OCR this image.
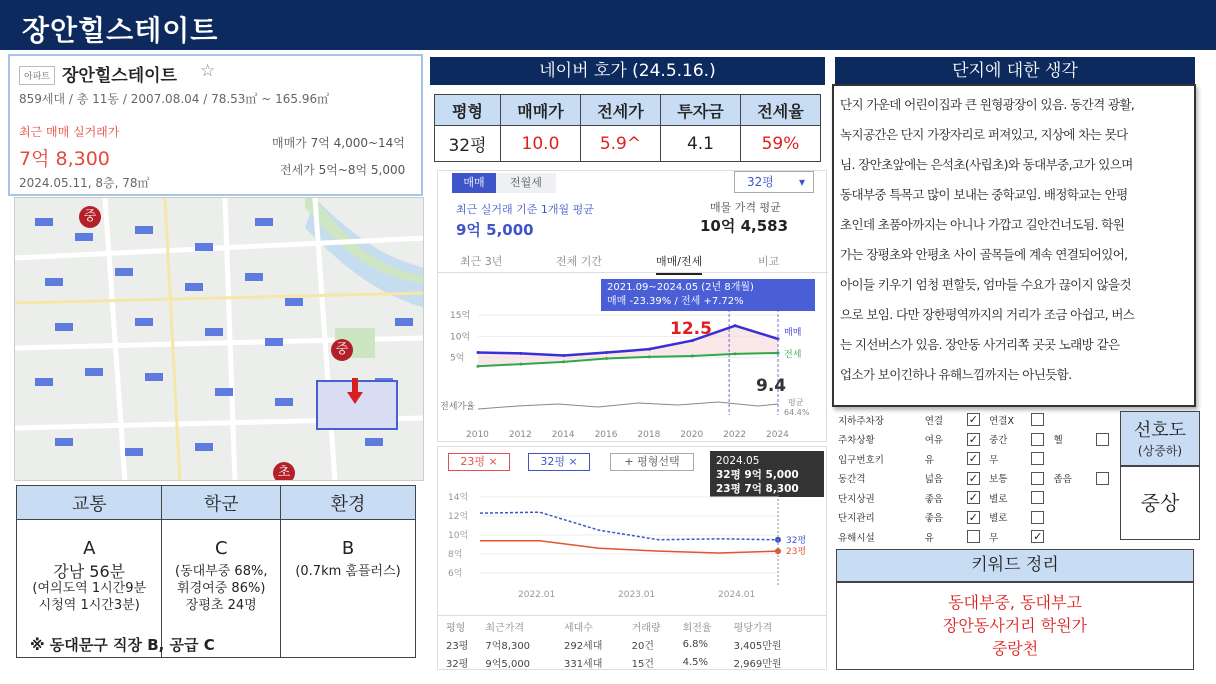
장안힐스테이트
아파트 장안힐스테이트 ☆
859세대 / 총 11동 / 2007.08.04 / 78.53㎡ ~ 165.96㎡
최근 매매 실거래가
7억 8,300
2024.05.11, 8층, 78㎡
매매가 7억 4,000~14억
전세가 5억~8억 5,000
중
중
초
교통	학군	환경

A
강남 56분
(여의도역 1시간9분
시청역 1시간3분)	C
(동대부중 68%,
휘경여중 86%)
장평초 24명	B
(0.7km 홈플러스)
※ 동대문구 직장 B, 공급 C
네이버 호가 (24.5.16.)
평형	매매가	전세가	투자금	전세율
32평	10.0	5.9^	4.1	59%
매매	전월세	32평 ▾
최근 실거래 기준 1개월 평균
9억 5,000
매물 가격 평균
10억 4,583
최근 3년	전체 기간	매매/전세	비교
15억
10억
5억
매매
전세
전세가율	평균
64.4%
2010 2012 2014 2016 2018 2020 2022 2024
2021.09~2024.05 (2년 8개월)
매매 -23.39% / 전세 +7.72%
12.5
9.4
23평 ×	32평 ×	+ 평형선택	2024.05
32평 9억 5,000
23평 7억 8,300
14억
12억
10억
8억
6억
32평
23평
2022.01	2023.01	2024.01
평형	최근가격	세대수	거래량	회전율	평당가격
23평	7억8,300	292세대	20건	6.8%	3,405만원
32평	9억5,000	331세대	15건	4.5%	2,969만원
단지에 대한 생각
단지 가운데 어린이집과 큰 원형광장이 있음. 동간격 광활,
녹지공간은 단지 가장자리로 퍼져있고, 지상에 차는 못다
님. 장안초앞에는 은석초(사립초)와 동대부중,고가 있으며
동대부중 특목고 많이 보내는 중학교임. 배정학교는 안평
초인데 초품아까지는 아니나 가깝고 길안건너도됨. 학원
가는 장평초와 안평초 사이 골목들에 계속 연결되어있어,
아이들 키우기 엄청 편할듯, 엄마들 수요가 끊이지 않을것
으로 보임. 다만 장한평역까지의 거리가 조금 아쉽고, 버스
는 지선버스가 있음. 장안동 사거리쪽 곳곳 노래방 같은
업소가 보이긴하나 유해느낌까지는 아닌듯함.
지하주차장	연결	✓	연결X			
주차상황	여유	✓	중간		헬	
입구번호키	유	✓	무			
동간격	넓음	✓	보통		좁음	
단지상권	좋음	✓	별로			
단지관리	좋음	✓	별로			
유해시설	유		무	✓		
선호도
(상중하)
중상
키워드 정리
동대부중, 동대부고
장안동사거리 학원가
중랑천
